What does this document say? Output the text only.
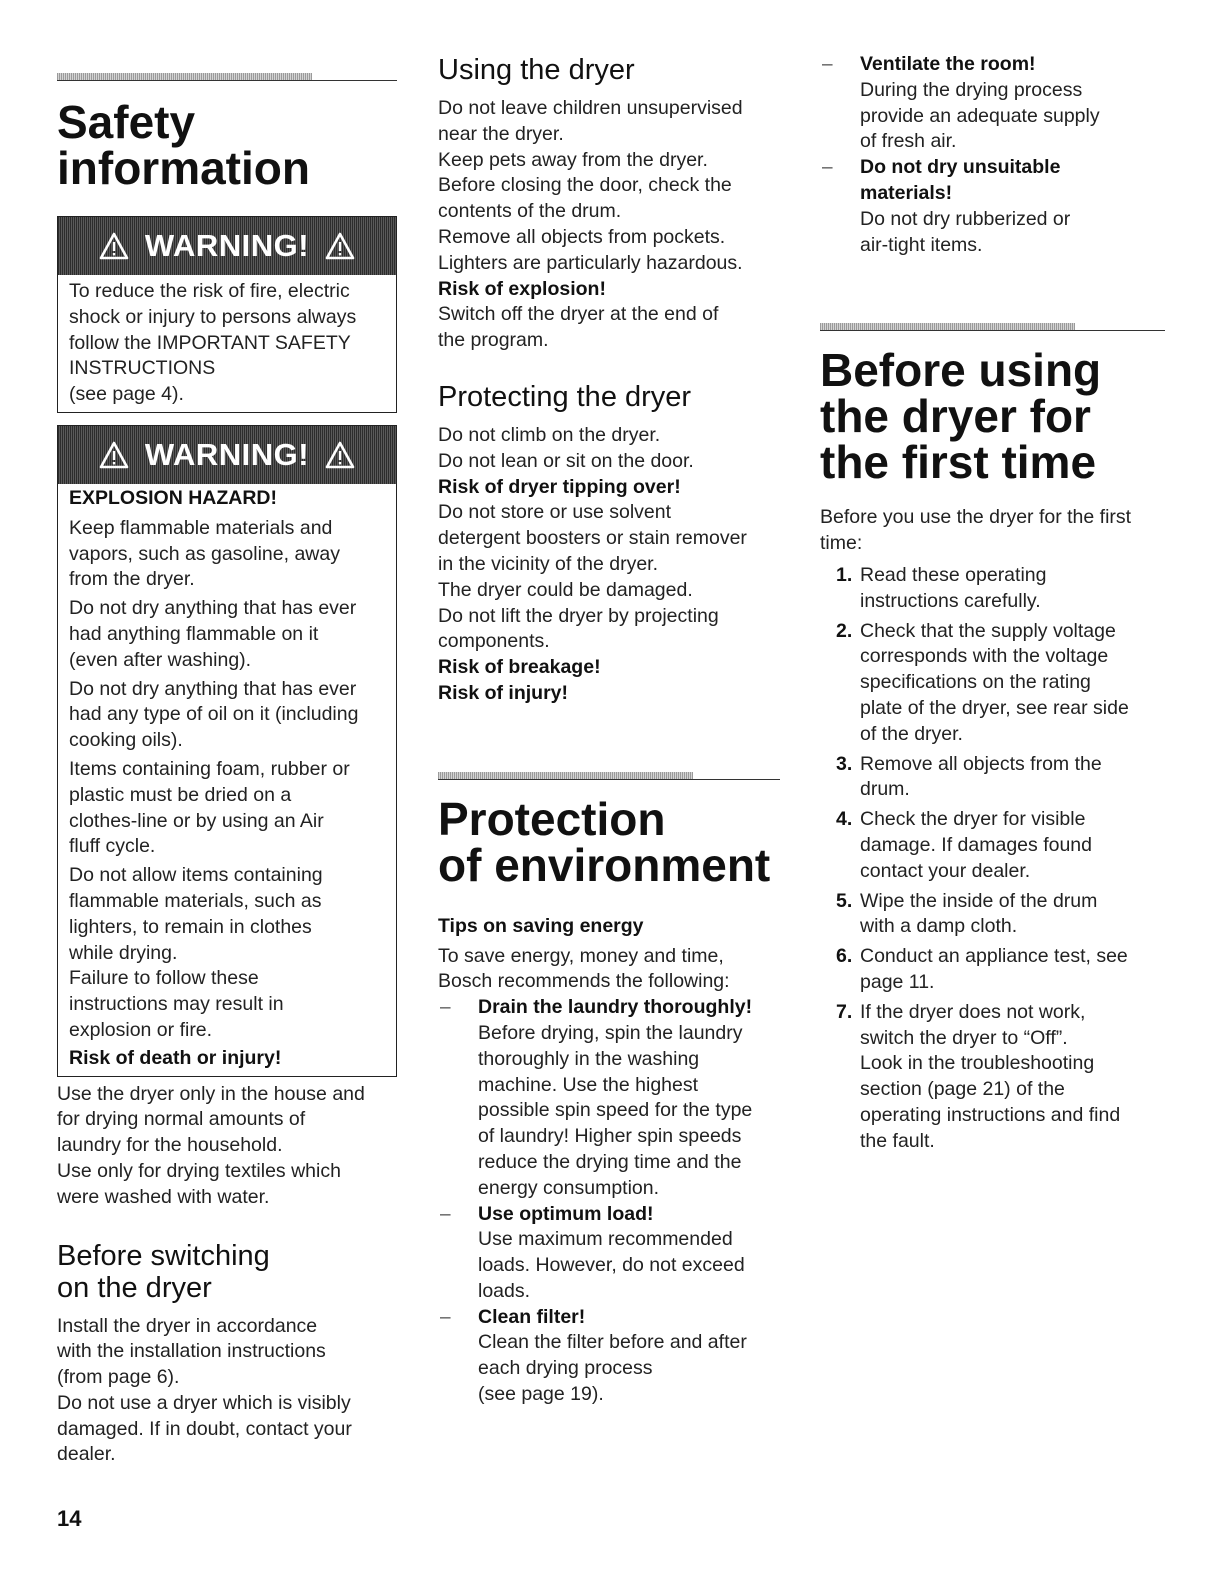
Safety
information
WARNING!
To reduce the risk of fire, electric
shock or injury to persons always
follow the IMPORTANT SAFETY
INSTRUCTIONS
(see page 4).
WARNING!
EXPLOSION HAZARD!
Keep flammable materials and
vapors, such as gasoline, away
from the dryer.
Do not dry anything that has ever
had anything flammable on it
(even after washing).
Do not dry anything that has ever
had any type of oil on it (including
cooking oils).
Items containing foam, rubber or
plastic must be dried on a
clothes-line or by using an Air
fluff cycle.
Do not allow items containing
flammable materials, such as
lighters, to remain in clothes
while drying.
Failure to follow these
instructions may result in
explosion or fire.
Risk of death or injury!
Use the dryer only in the house and
for drying normal amounts of
laundry for the household.
Use only for drying textiles which
were washed with water.
Before switching
on the dryer
Install the dryer in accordance
with the installation instructions
(from page 6).
Do not use a dryer which is visibly
damaged. If in doubt, contact your
dealer.
Using the dryer
Do not leave children unsupervised
near the dryer.
Keep pets away from the dryer.
Before closing the door, check the
contents of the drum.
Remove all objects from pockets.
Lighters are particularly hazardous.
Risk of explosion!
Switch off the dryer at the end of
the program.
Protecting the dryer
Do not climb on the dryer.
Do not lean or sit on the door.
Risk of dryer tipping over!
Do not store or use solvent
detergent boosters or stain remover
in the vicinity of the dryer.
The dryer could be damaged.
Do not lift the dryer by projecting
components.
Risk of breakage!
Risk of injury!
Protection
of environment
Tips on saving energy
To save energy, money and time,
Bosch recommends the following:
– Drain the laundry thoroughly!
Before drying, spin the laundry
thoroughly in the washing
machine. Use the highest
possible spin speed for the type
of laundry! Higher spin speeds
reduce the drying time and the
energy consumption.
– Use optimum load!
Use maximum recommended
loads. However, do not exceed
loads.
– Clean filter!
Clean the filter before and after
each drying process
(see page 19).
– Ventilate the room!
During the drying process
provide an adequate supply
of fresh air.
– Do not dry unsuitable
materials!
Do not dry rubberized or
air-tight items.
Before using
the dryer for
the first time
Before you use the dryer for the first
time:
1. Read these operating
instructions carefully.
2. Check that the supply voltage
corresponds with the voltage
specifications on the rating
plate of the dryer, see rear side
of the dryer.
3. Remove all objects from the
drum.
4. Check the dryer for visible
damage. If damages found
contact your dealer.
5. Wipe the inside of the drum
with a damp cloth.
6. Conduct an appliance test, see
page 11.
7. If the dryer does not work,
switch the dryer to “Off”.
Look in the troubleshooting
section (page 21) of the
operating instructions and find
the fault.
14
